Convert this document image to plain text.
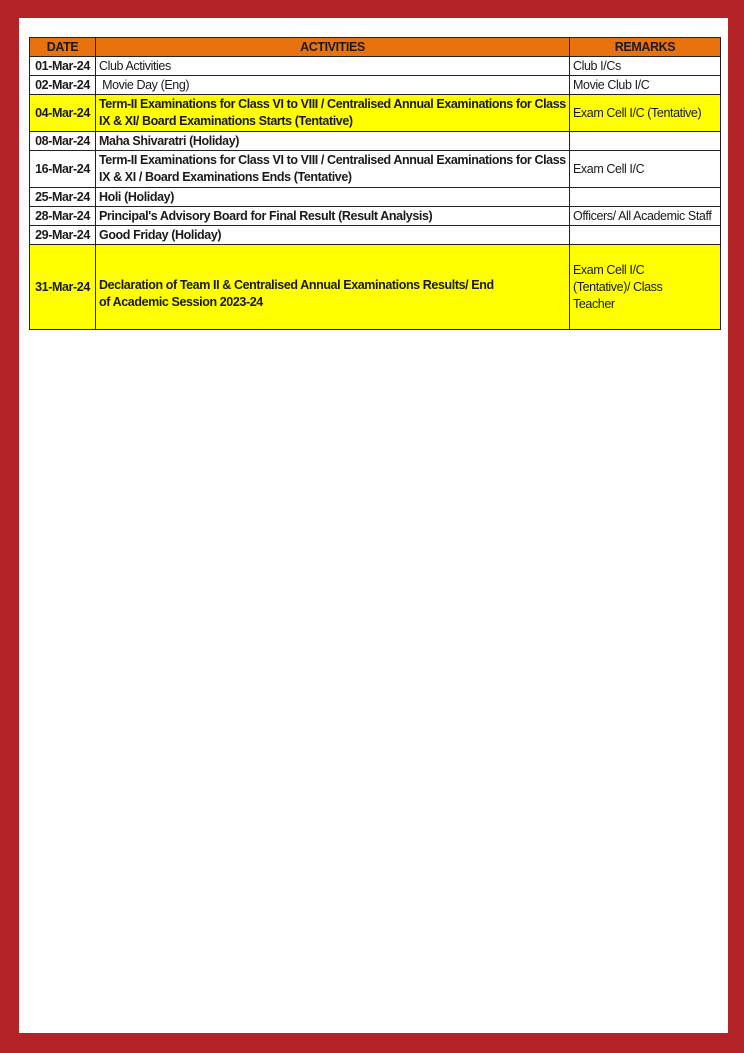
DATE	ACTIVITIES	REMARKS
01-Mar-24	Club Activities	Club I/Cs
02-Mar-24	Movie Day (Eng)	Movie Club I/C
04-Mar-24	Term-II Examinations for Class VI to VIII / Centralised Annual Examinations for Class IX & XI/ Board Examinations Starts (Tentative)	Exam Cell I/C (Tentative)
08-Mar-24	Maha Shivaratri (Holiday)	
16-Mar-24	Term-II Examinations for Class VI to VIII / Centralised Annual Examinations for Class IX & XI / Board Examinations Ends (Tentative)	Exam Cell I/C
25-Mar-24	Holi (Holiday)	
28-Mar-24	Principal's Advisory Board for Final Result (Result Analysis)	Officers/ All Academic Staff
29-Mar-24	Good Friday (Holiday)	
31-Mar-24	Declaration of Team II & Centralised Annual Examinations Results/ End of Academic Session 2023-24	Exam Cell I/C (Tentative)/ Class Teacher
